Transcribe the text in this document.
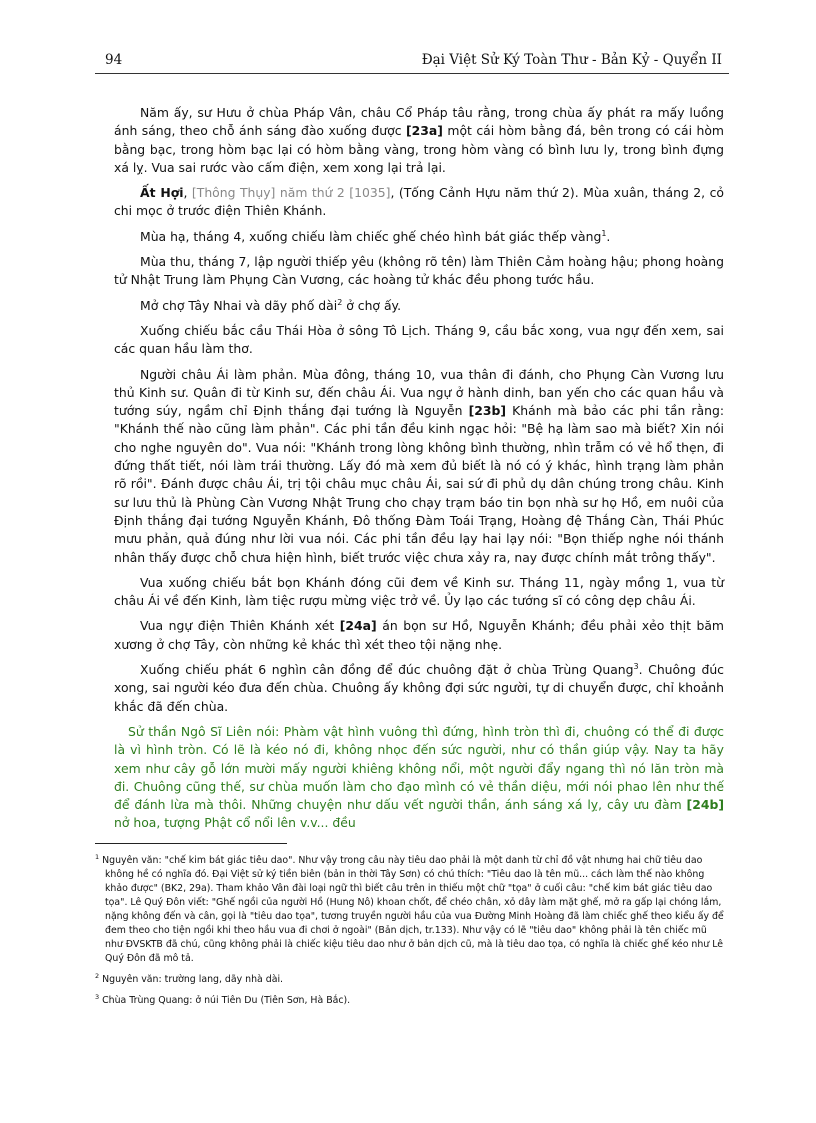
94	Đại Việt Sử Ký Toàn Thư - Bản Kỷ - Quyển II

Năm ấy, sư Hưu ở chùa Pháp Vân, châu Cổ Pháp tâu rằng, trong chùa ấy phát ra mấy luồng ánh sáng, theo chỗ ánh sáng đào xuống được [23a] một cái hòm bằng đá, bên trong có cái hòm bằng bạc, trong hòm bạc lại có hòm bằng vàng, trong hòm vàng có bình lưu ly, trong bình đựng xá lỵ. Vua sai rước vào cấm điện, xem xong lại trả lại.

Ất Hợi, [Thông Thụy] năm thứ 2 [1035], (Tống Cảnh Hựu năm thứ 2). Mùa xuân, tháng 2, cỏ chi mọc ở trước điện Thiên Khánh.

Mùa hạ, tháng 4, xuống chiếu làm chiếc ghế chéo hình bát giác thếp vàng$^1$.

Mùa thu, tháng 7, lập người thiếp yêu (không rõ tên) làm Thiên Cảm hoàng hậu; phong hoàng tử Nhật Trung làm Phụng Càn Vương, các hoàng tử khác đều phong tước hầu.

Mở chợ Tây Nhai và dãy phố dài$^2$ ở chợ ấy.

Xuống chiếu bắc cầu Thái Hòa ở sông Tô Lịch. Tháng 9, cầu bắc xong, vua ngự đến xem, sai các quan hầu làm thơ.

Người châu Ái làm phản. Mùa đông, tháng 10, vua thân đi đánh, cho Phụng Càn Vương lưu thủ Kinh sư. Quân đi từ Kinh sư, đến châu Ái. Vua ngự ở hành dinh, ban yến cho các quan hầu và tướng súy, ngầm chỉ Định thắng đại tướng là Nguyễn [23b] Khánh mà bảo các phi tần rằng: "Khánh thế nào cũng làm phản". Các phi tần đều kinh ngạc hỏi: "Bệ hạ làm sao mà biết? Xin nói cho nghe nguyên do". Vua nói: "Khánh trong lòng không bình thường, nhìn trẫm có vẻ hổ thẹn, đi đứng thất tiết, nói làm trái thường. Lấy đó mà xem đủ biết là nó có ý khác, hình trạng làm phản rõ rồi". Đánh được châu Ái, trị tội châu mục châu Ái, sai sứ đi phủ dụ dân chúng trong châu. Kinh sư lưu thủ là Phùng Càn Vương Nhật Trung cho chạy trạm báo tin bọn nhà sư họ Hồ, em nuôi của Định thắng đại tướng Nguyễn Khánh, Đô thống Đàm Toái Trạng, Hoàng đệ Thắng Càn, Thái Phúc mưu phản, quả đúng như lời vua nói. Các phi tần đều lạy hai lạy nói: "Bọn thiếp nghe nói thánh nhân thấy được chỗ chưa hiện hình, biết trước việc chưa xảy ra, nay được chính mắt trông thấy".

Vua xuống chiếu bắt bọn Khánh đóng cũi đem về Kinh sư. Tháng 11, ngày mồng 1, vua từ châu Ái về đến Kinh, làm tiệc rượu mừng việc trở về. Ủy lạo các tướng sĩ có công dẹp châu Ái.

Vua ngự điện Thiên Khánh xét [24a] án bọn sư Hồ, Nguyễn Khánh; đều phải xẻo thịt băm xương ở chợ Tây, còn những kẻ khác thì xét theo tội nặng nhẹ.

Xuống chiếu phát 6 nghìn cân đồng để đúc chuông đặt ở chùa Trùng Quang$^3$. Chuông đúc xong, sai người kéo đưa đến chùa. Chuông ấy không đợi sức người, tự di chuyển được, chỉ khoảnh khắc đã đến chùa.

Sử thần Ngô Sĩ Liên nói: Phàm vật hình vuông thì đứng, hình tròn thì đi, chuông có thể đi được là vì hình tròn. Có lẽ là kéo nó đi, không nhọc đến sức người, như có thần giúp vậy. Nay ta hãy xem như cây gỗ lớn mười mấy người khiêng không nổi, một người đẩy ngang thì nó lăn tròn mà đi. Chuông cũng thế, sư chùa muốn làm cho đạo mình có vẻ thần diệu, mới nói phao lên như thế để đánh lừa mà thôi. Những chuyện như dấu vết người thần, ánh sáng xá lỵ, cây ưu đàm [24b] nở hoa, tượng Phật cổ nổi lên v.v... đều

$^1$ Nguyên văn: "chế kim bát giác tiêu dao". Như vậy trong câu này tiêu dao phải là một danh từ chỉ đồ vật nhưng hai chữ tiêu dao không hề có nghĩa đó. Đại Việt sử ký tiền biên (bản in thời Tây Sơn) có chú thích: "Tiêu dao là tên mũ... cách làm thế nào không khảo được" (BK2, 29a). Tham khảo Vân đài loại ngữ thì biết câu trên in thiếu một chữ "tọa" ở cuối câu: "chế kim bát giác tiêu dao tọa". Lê Quý Đôn viết: "Ghế ngồi của người Hồ (Hung Nô) khoan chốt, để chéo chân, xỏ dây làm mặt ghế, mở ra gấp lại chóng lắm, nặng không đến và cân, gọi là "tiêu dao tọa", tương truyền người hầu của vua Đường Minh Hoàng đã làm chiếc ghế theo kiểu ấy để đem theo cho tiện ngồi khi theo hầu vua đi chơi ở ngoài" (Bản dịch, tr.133). Như vậy có lẽ "tiêu dao" không phải là tên chiếc mũ như ĐVSKTB đã chú, cũng không phải là chiếc kiệu tiêu dao như ở bản dịch cũ, mà là tiêu dao tọa, có nghĩa là chiếc ghế kéo như Lê Quý Đôn đã mô tả.
$^2$ Nguyên văn: trường lang, dãy nhà dài.
$^3$ Chùa Trùng Quang: ở núi Tiên Du (Tiên Sơn, Hà Bắc).
